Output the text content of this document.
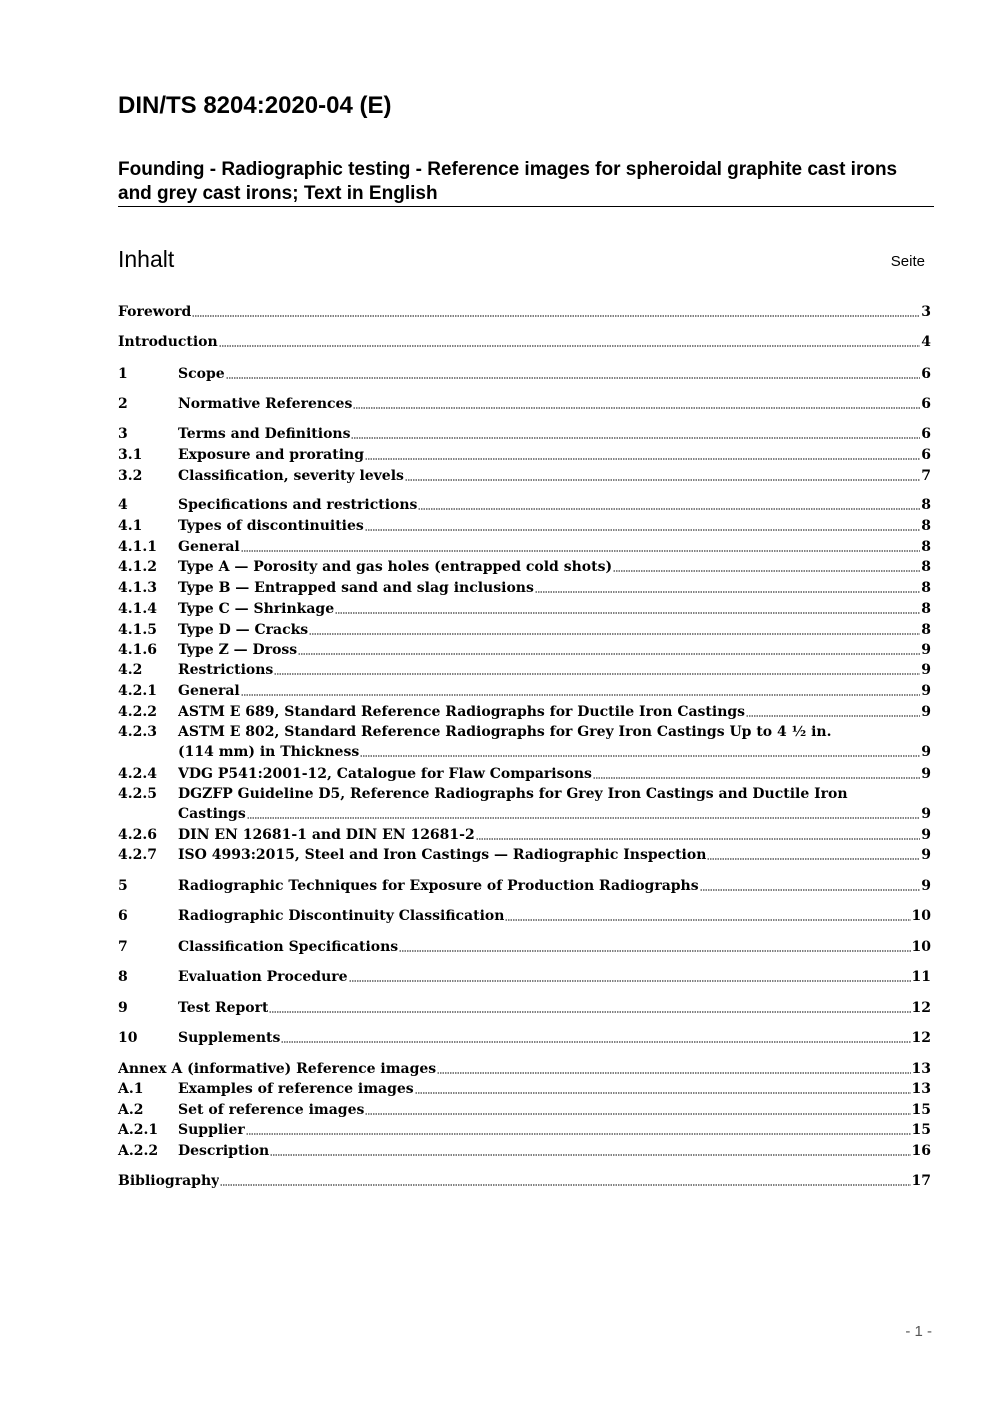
DIN/TS 8204:2020-04 (E)
Founding - Radiographic testing - Reference images for spheroidal graphite cast irons and grey cast irons; Text in English
Inhalt	Seite
Foreword	3
Introduction	4
1	Scope	6
2	Normative References	6
3	Terms and Definitions	6
3.1	Exposure and prorating	6
3.2	Classification, severity levels	7
4	Specifications and restrictions	8
4.1	Types of discontinuities	8
4.1.1 General	8
4.1.2 Type A — Porosity and gas holes (entrapped cold shots)	8
4.1.3 Type B — Entrapped sand and slag inclusions	8
4.1.4 Type C — Shrinkage	8
4.1.5 Type D — Cracks	8
4.1.6 Type Z — Dross	9
4.2	Restrictions	9
4.2.1 General	9
4.2.2 ASTM E 689, Standard Reference Radiographs for Ductile Iron Castings	9
4.2.3 ASTM E 802, Standard Reference Radiographs for Grey Iron Castings Up to 4 ½ in.
(114 mm) in Thickness	9
4.2.4 VDG P541:2001-12, Catalogue for Flaw Comparisons	9
4.2.5 DGZFP Guideline D5, Reference Radiographs for Grey Iron Castings and Ductile Iron
Castings	9
4.2.6 DIN EN 12681-1 and DIN EN 12681-2	9
4.2.7 ISO 4993:2015, Steel and Iron Castings — Radiographic Inspection	9
5	Radiographic Techniques for Exposure of Production Radiographs	9
6	Radiographic Discontinuity Classification	10
7	Classification Specifications	10
8	Evaluation Procedure	11
9	Test Report	12
10	Supplements	12
Annex A (informative) Reference images	13
A.1 Examples of reference images	13
A.2 Set of reference images	15
A.2.1 Supplier	15
A.2.2 Description	16
Bibliography	17
- 1 -
